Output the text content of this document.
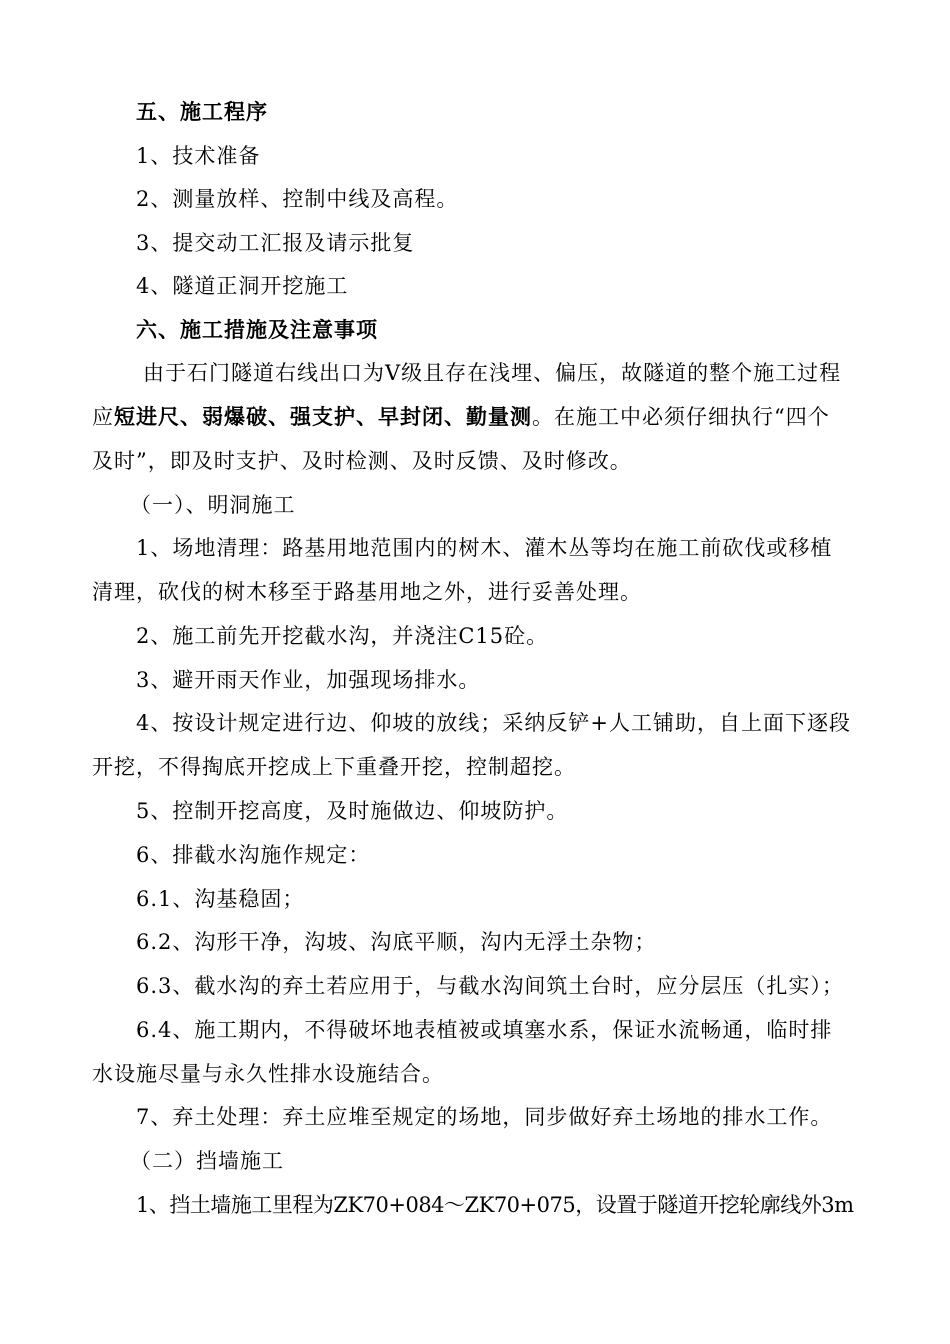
五、施工程序
1、技术准备
2、测量放样、控制中线及高程。
3、提交动工汇报及请示批复
4、隧道正洞开挖施工
六、施工措施及注意事项
由于石门隧道右线出口为Ⅴ级且存在浅埋、偏压，故隧道的整个施工过程
应短进尺、弱爆破、强支护、早封闭、勤量测。在施工中必须仔细执行“四个
及时”，即及时支护、及时检测、及时反馈、及时修改。
（一）、明洞施工
1、场地清理：路基用地范围内的树木、灌木丛等均在施工前砍伐或移植
清理，砍伐的树木移至于路基用地之外，进行妥善处理。
2、施工前先开挖截水沟，并浇注C15砼。
3、避开雨天作业，加强现场排水。
4、按设计规定进行边、仰坡的放线；采纳反铲+人工铺助，自上面下逐段
开挖，不得掏底开挖成上下重叠开挖，控制超挖。
5、控制开挖高度，及时施做边、仰坡防护。
6、排截水沟施作规定：
6.1、沟基稳固；
6.2、沟形干净，沟坡、沟底平顺，沟内无浮土杂物；
6.3、截水沟的弃土若应用于，与截水沟间筑土台时，应分层压（扎实）；
6.4、施工期内，不得破坏地表植被或填塞水系，保证水流畅通，临时排
水设施尽量与永久性排水设施结合。
7、弃土处理：弃土应堆至规定的场地，同步做好弃土场地的排水工作。
（二）挡墙施工
1、挡土墙施工里程为ZK70+084～ZK70+075，设置于隧道开挖轮廓线外3m
